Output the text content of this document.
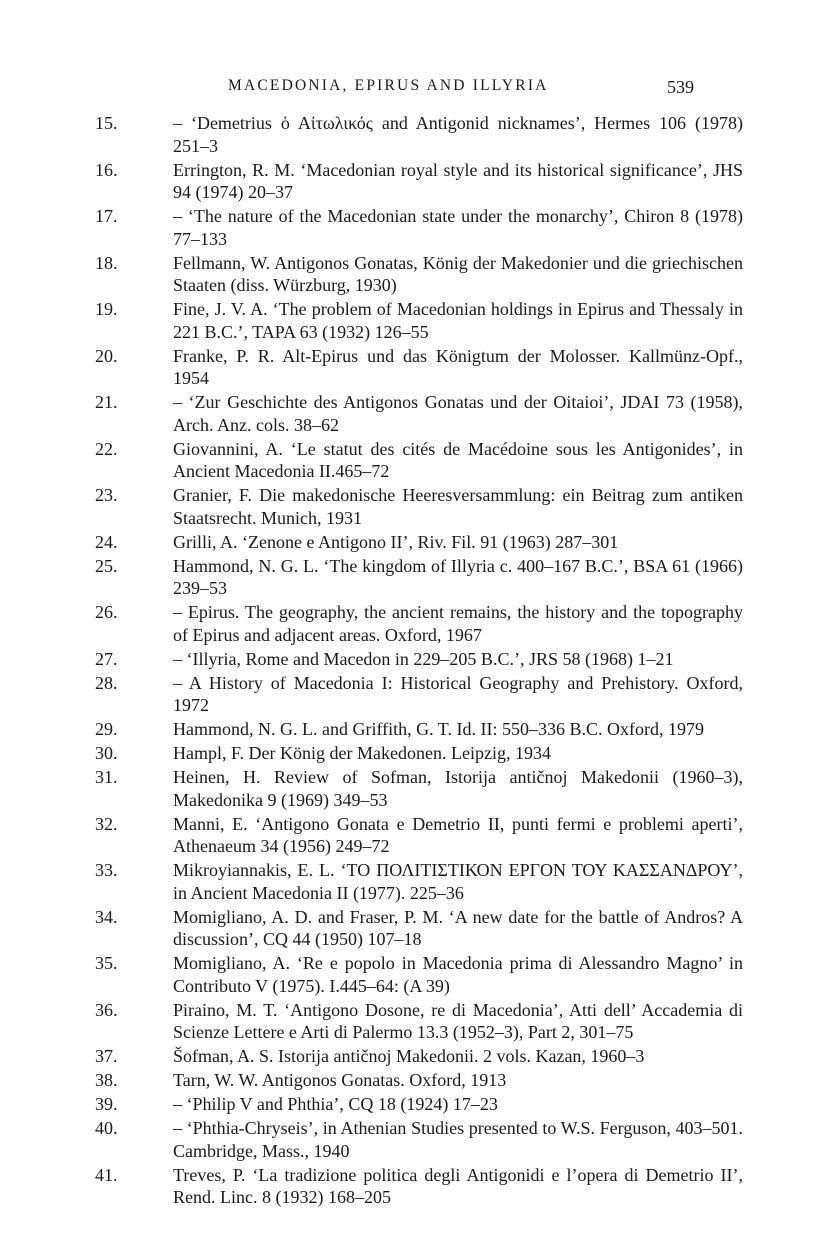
MACEDONIA, EPIRUS AND ILLYRIA	539
15.	– ‘Demetrius ὁ Αἰτωλικός and Antigonid nicknames’, Hermes 106 (1978) 251–3
16.	Errington, R. M. ‘Macedonian royal style and its historical significance’, JHS 94 (1974) 20–37
17.	– ‘The nature of the Macedonian state under the monarchy’, Chiron 8 (1978) 77–133
18.	Fellmann, W. Antigonos Gonatas, König der Makedonier und die griechischen Staaten (diss. Würzburg, 1930)
19.	Fine, J. V. A. ‘The problem of Macedonian holdings in Epirus and Thessaly in 221 B.C.’, TAPA 63 (1932) 126–55
20.	Franke, P. R. Alt-Epirus und das Königtum der Molosser. Kallmünz-Opf., 1954
21.	– ‘Zur Geschichte des Antigonos Gonatas und der Oitaioi’, JDAI 73 (1958), Arch. Anz. cols. 38–62
22.	Giovannini, A. ‘Le statut des cités de Macédoine sous les Antigonides’, in Ancient Macedonia II.465–72
23.	Granier, F. Die makedonische Heeresversammlung: ein Beitrag zum antiken Staatsrecht. Munich, 1931
24.	Grilli, A. ‘Zenone e Antigono II’, Riv. Fil. 91 (1963) 287–301
25.	Hammond, N. G. L. ‘The kingdom of Illyria c. 400–167 B.C.’, BSA 61 (1966) 239–53
26.	– Epirus. The geography, the ancient remains, the history and the topography of Epirus and adjacent areas. Oxford, 1967
27.	– ‘Illyria, Rome and Macedon in 229–205 B.C.’, JRS 58 (1968) 1–21
28.	– A History of Macedonia I: Historical Geography and Prehistory. Oxford, 1972
29.	Hammond, N. G. L. and Griffith, G. T. Id. II: 550–336 B.C. Oxford, 1979
30.	Hampl, F. Der König der Makedonen. Leipzig, 1934
31.	Heinen, H. Review of Sofman, Istorija antičnoj Makedonii (1960–3), Makedonika 9 (1969) 349–53
32.	Manni, E. ‘Antigono Gonata e Demetrio II, punti fermi e problemi aperti’, Athenaeum 34 (1956) 249–72
33.	Mikroyiannakis, E. L. ‘ΤΟ ΠΟΛΙΤΙΣΤΙΚΟΝ ΕΡΓΟΝ ΤΟΥ ΚΑΣΣΑΝΔΡΟΥ’, in Ancient Macedonia II (1977). 225–36
34.	Momigliano, A. D. and Fraser, P. M. ‘A new date for the battle of Andros? A discussion’, CQ 44 (1950) 107–18
35.	Momigliano, A. ‘Re e popolo in Macedonia prima di Alessandro Magno’ in Contributo V (1975). I.445–64: (A 39)
36.	Piraino, M. T. ‘Antigono Dosone, re di Macedonia’, Atti dell’ Accademia di Scienze Lettere e Arti di Palermo 13.3 (1952–3), Part 2, 301–75
37.	Šofman, A. S. Istorija antičnoj Makedonii. 2 vols. Kazan, 1960–3
38.	Tarn, W. W. Antigonos Gonatas. Oxford, 1913
39.	– ‘Philip V and Phthia’, CQ 18 (1924) 17–23
40.	– ‘Phthia-Chryseis’, in Athenian Studies presented to W.S. Ferguson, 403–501. Cambridge, Mass., 1940
41.	Treves, P. ‘La tradizione politica degli Antigonidi e l’opera di Demetrio II’, Rend. Linc. 8 (1932) 168–205
